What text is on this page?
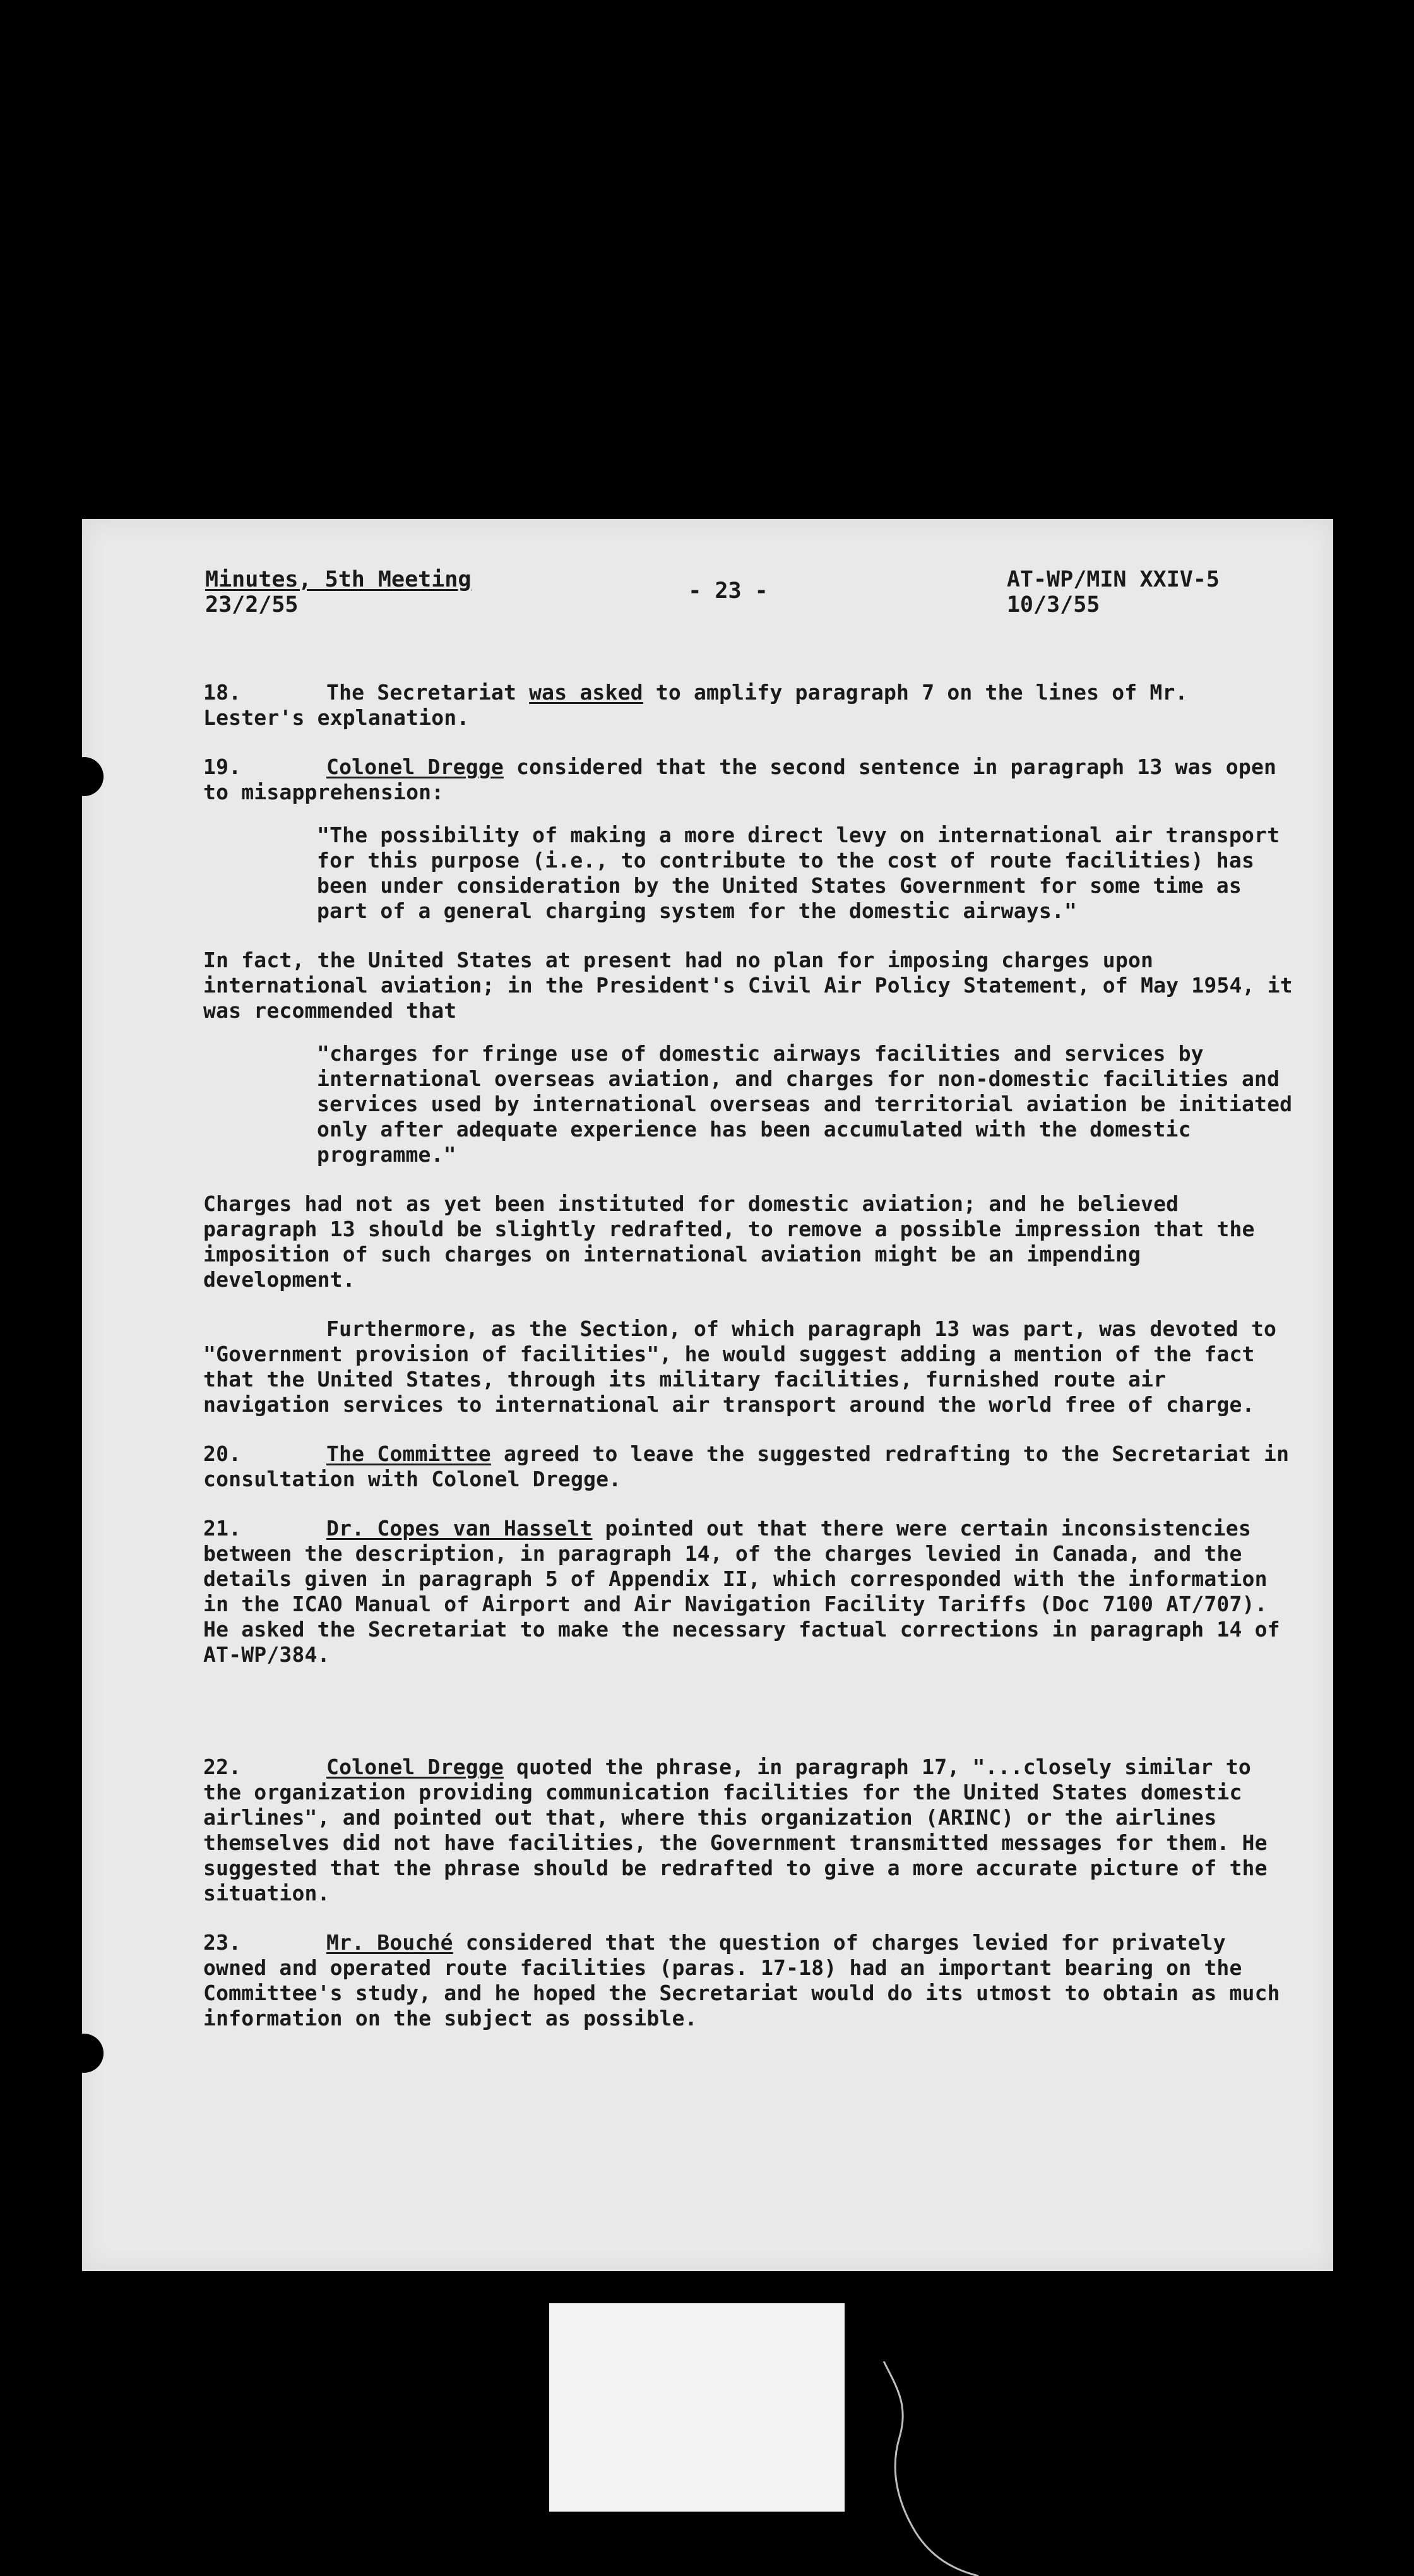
Minutes, 5th Meeting
23/2/55
- 23 -	AT-WP/MIN XXIV-5
10/3/55

18.	The Secretariat was asked to amplify paragraph 7 on the lines of Mr. Lester's explanation.

19.	Colonel Dregge considered that the second sentence in paragraph 13 was open to misapprehension:

"The possibility of making a more direct levy on international air transport for this purpose (i.e., to contribute to the cost of route facilities) has been under consideration by the United States Government for some time as part of a general charging system for the domestic airways."

In fact, the United States at present had no plan for imposing charges upon international aviation; in the President's Civil Air Policy Statement, of May 1954, it was recommended that

"charges for fringe use of domestic airways facilities and services by international overseas aviation, and charges for non-domestic facilities and services used by international overseas and territorial aviation be initiated only after adequate experience has been accumulated with the domestic programme."

Charges had not as yet been instituted for domestic aviation; and he believed paragraph 13 should be slightly redrafted, to remove a possible impression that the imposition of such charges on international aviation might be an impending development.

Furthermore, as the Section, of which paragraph 13 was part, was devoted to "Government provision of facilities", he would suggest adding a mention of the fact that the United States, through its military facilities, furnished route air navigation services to international air transport around the world free of charge.

20.	The Committee agreed to leave the suggested redrafting to the Secretariat in consultation with Colonel Dregge.

21.	Dr. Copes van Hasselt pointed out that there were certain inconsistencies between the description, in paragraph 14, of the charges levied in Canada, and the details given in paragraph 5 of Appendix II, which corresponded with the information in the ICAO Manual of Airport and Air Navigation Facility Tariffs (Doc 7100 AT/707). He asked the Secretariat to make the necessary factual corrections in paragraph 14 of AT-WP/384.

22.	Colonel Dregge quoted the phrase, in paragraph 17, "...closely similar to the organization providing communication facilities for the United States domestic airlines", and pointed out that, where this organization (ARINC) or the airlines themselves did not have facilities, the Government transmitted messages for them. He suggested that the phrase should be redrafted to give a more accurate picture of the situation.

23.	Mr. Bouché considered that the question of charges levied for privately owned and operated route facilities (paras. 17-18) had an important bearing on the Committee's study, and he hoped the Secretariat would do its utmost to obtain as much information on the subject as possible.
